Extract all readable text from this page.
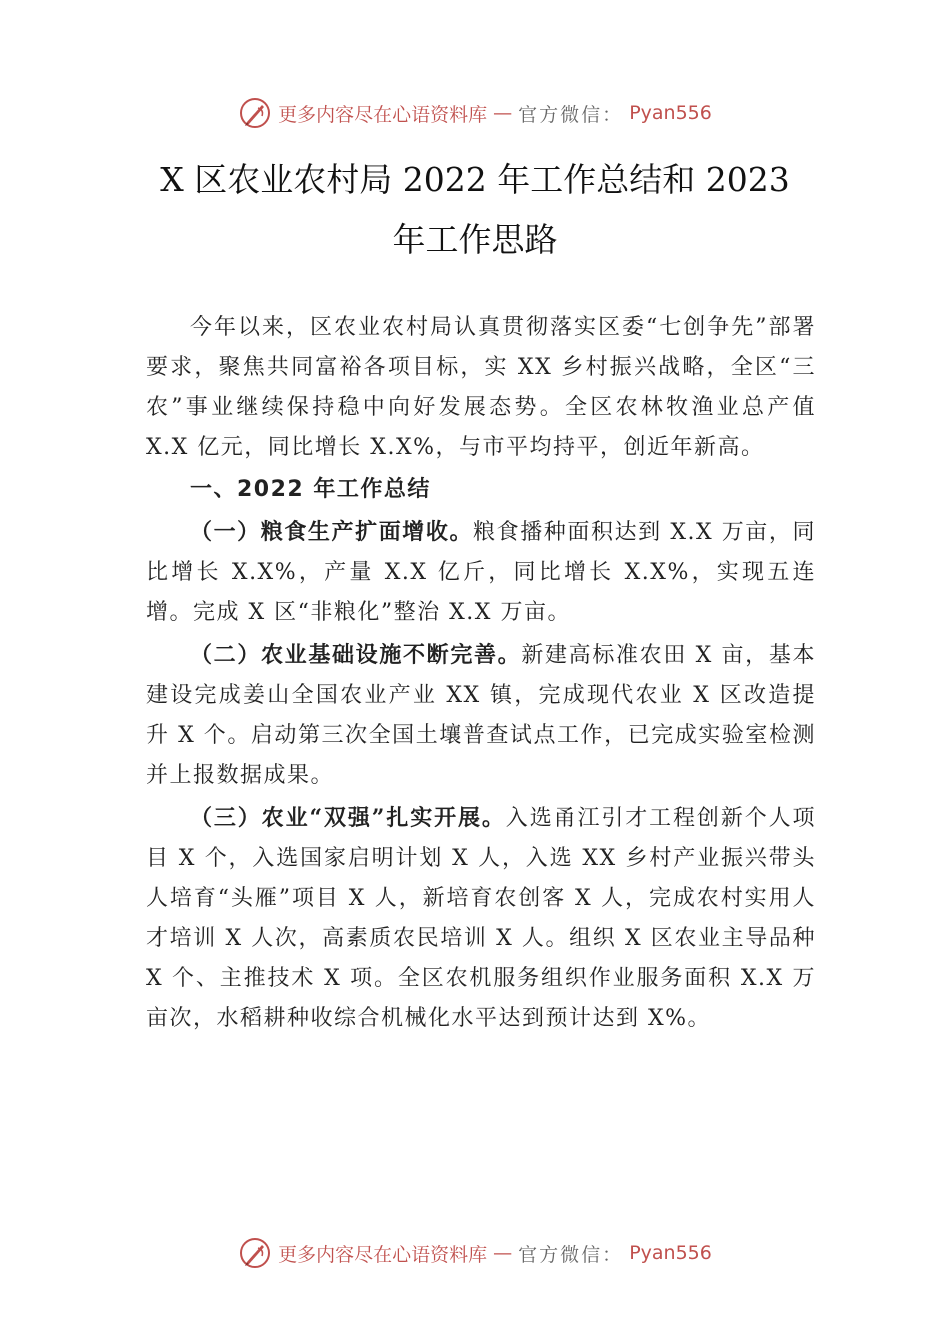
更多内容尽在心语资料库 — 官方微信： Pyan556
X 区农业农村局 2022 年工作总结和 2023
年工作思路

今年以来，区农业农村局认真贯彻落实区委“七创争先”部署要求，聚焦共同富裕各项目标，实 XX 乡村振兴战略，全区“三农”事业继续保持稳中向好发展态势。全区农林牧渔业总产值 X.X 亿元，同比增长 X.X%，与市平均持平，创近年新高。

一、2022 年工作总结

（一）粮食生产扩面增收。粮食播种面积达到 X.X 万亩，同比增长 X.X%，产量 X.X 亿斤，同比增长 X.X%，实现五连增。完成 X 区“非粮化”整治 X.X 万亩。

（二）农业基础设施不断完善。新建高标准农田 X 亩，基本建设完成姜山全国农业产业 XX 镇，完成现代农业 X 区改造提升 X 个。启动第三次全国土壤普查试点工作，已完成实验室检测并上报数据成果。

（三）农业“双强”扎实开展。入选甬江引才工程创新个人项目 X 个，入选国家启明计划 X 人，入选 XX 乡村产业振兴带头人培育“头雁”项目 X 人，新培育农创客 X 人，完成农村实用人才培训 X 人次，高素质农民培训 X 人。组织 X 区农业主导品种 X 个、主推技术 X 项。全区农机服务组织作业服务面积 X.X 万亩次，水稻耕种收综合机械化水平达到预计达到 X%。

更多内容尽在心语资料库 — 官方微信： Pyan556
